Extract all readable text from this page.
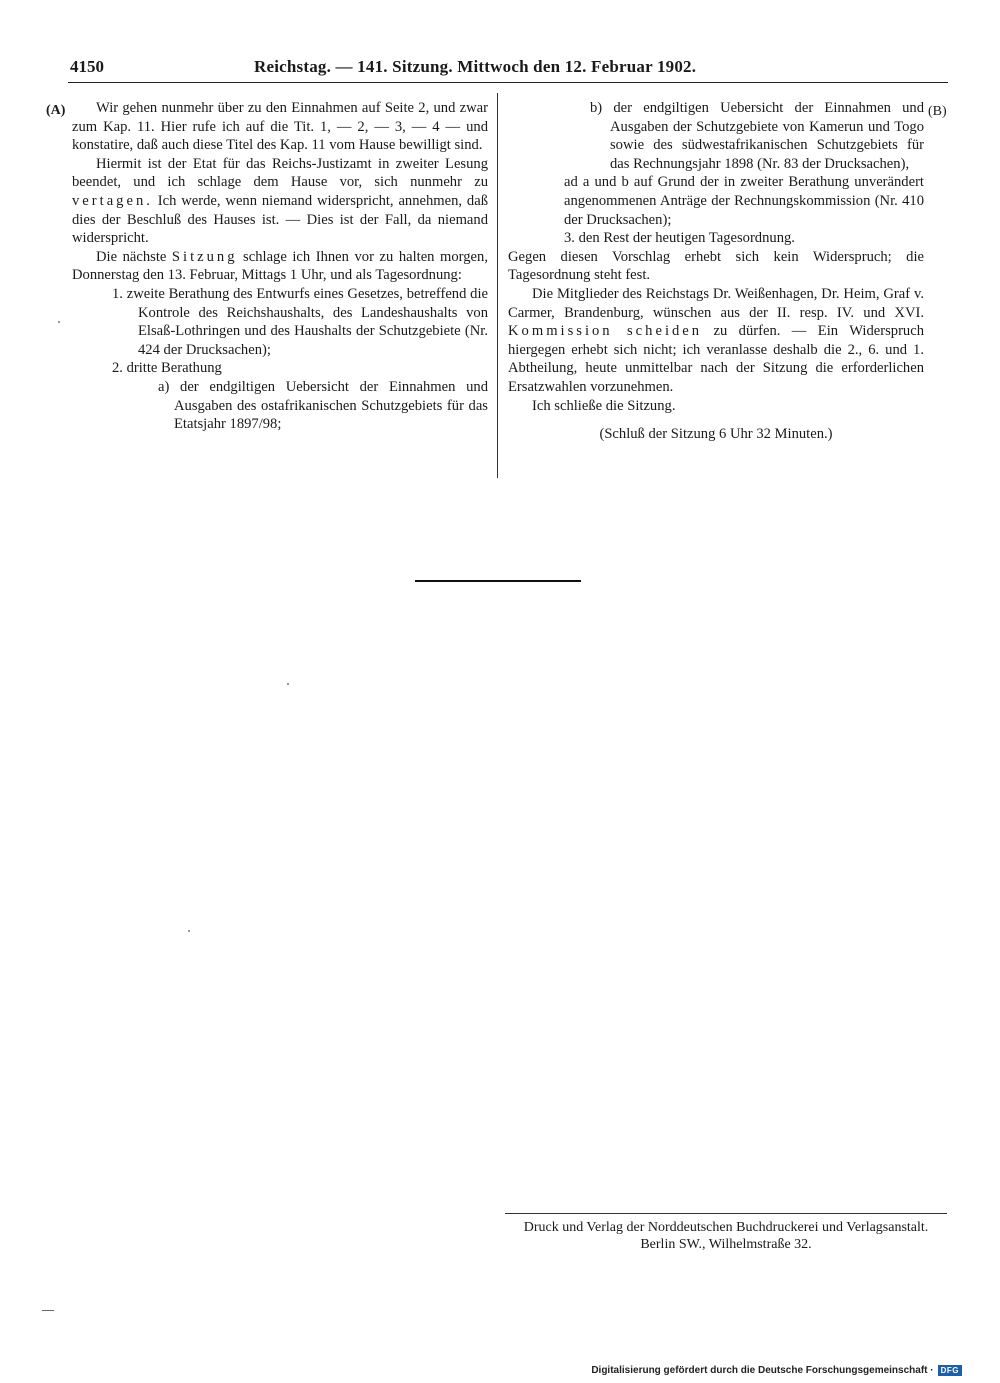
4150	Reichstag. — 141. Sitzung. Mittwoch den 12. Februar 1902.
(A)	(B)

Wir gehen nunmehr über zu den Einnahmen auf Seite 2, und zwar zum Kap. 11. Hier rufe ich auf die Tit. 1, — 2, — 3, — 4 — und konstatire, daß auch diese Titel des Kap. 11 vom Hause bewilligt sind.

Hiermit ist der Etat für das Reichs-Justizamt in zweiter Lesung beendet, und ich schlage dem Hause vor, sich nunmehr zu vertagen. Ich werde, wenn niemand widerspricht, annehmen, daß dies der Beschluß des Hauses ist. — Dies ist der Fall, da niemand widerspricht.

Die nächste Sitzung schlage ich Ihnen vor zu halten morgen, Donnerstag den 13. Februar, Mittags 1 Uhr, und als Tagesordnung:

1. zweite Berathung des Entwurfs eines Gesetzes, betreffend die Kontrole des Reichshaushalts, des Landeshaushalts von Elsaß-Lothringen und des Haushalts der Schutzgebiete (Nr. 424 der Drucksachen);

2. dritte Berathung

a) der endgiltigen Uebersicht der Einnahmen und Ausgaben des ostafrikanischen Schutzgebiets für das Etatsjahr 1897/98;

b) der endgiltigen Uebersicht der Einnahmen und Ausgaben der Schutzgebiete von Kamerun und Togo sowie des südwestafrikanischen Schutzgebiets für das Rechnungsjahr 1898 (Nr. 83 der Drucksachen),

ad a und b auf Grund der in zweiter Berathung unverändert angenommenen Anträge der Rechnungskommission (Nr. 410 der Drucksachen);

3. den Rest der heutigen Tagesordnung.

Gegen diesen Vorschlag erhebt sich kein Widerspruch; die Tagesordnung steht fest.

Die Mitglieder des Reichstags Dr. Weißenhagen, Dr. Heim, Graf v. Carmer, Brandenburg, wünschen aus der II. resp. IV. und XVI. Kommission scheiden zu dürfen. — Ein Widerspruch hiergegen erhebt sich nicht; ich veranlasse deshalb die 2., 6. und 1. Abtheilung, heute unmittelbar nach der Sitzung die erforderlichen Ersatzwahlen vorzunehmen.

Ich schließe die Sitzung.

(Schluß der Sitzung 6 Uhr 32 Minuten.)

Druck und Verlag der Norddeutschen Buchdruckerei und Verlagsanstalt.
Berlin SW., Wilhelmstraße 32.
Digitalisierung gefördert durch die Deutsche Forschungsgemeinschaft · DFG
